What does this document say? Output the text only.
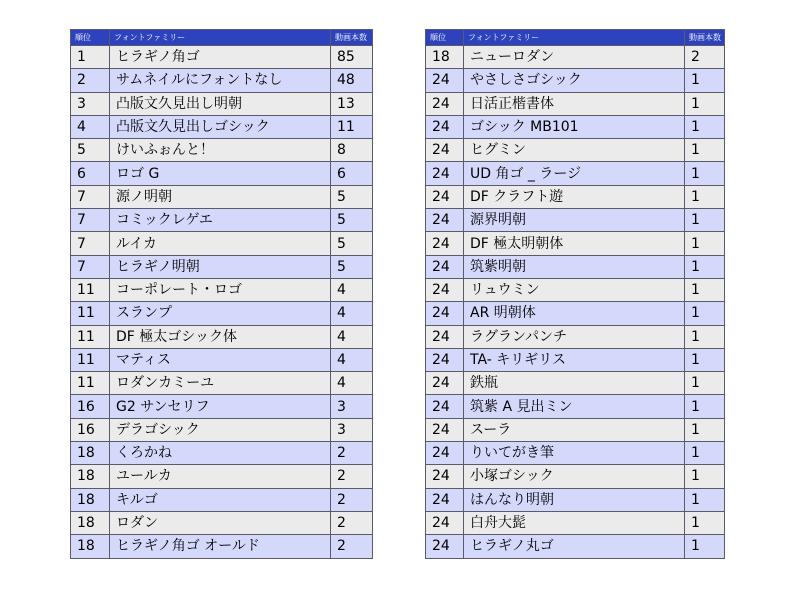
順位	フォントファミリー	動画本数
1	ヒラギノ角ゴ	85
2	サムネイルにフォントなし	48
3	凸版文久見出し明朝	13
4	凸版文久見出しゴシック	11
5	けいふぉんと！	8
6	ロゴ G	6
7	源ノ明朝	5
7	コミックレゲエ	5
7	ルイカ	5
7	ヒラギノ明朝	5
11	コーポレート・ロゴ	4
11	スランプ	4
11	DF 極太ゴシック体	4
11	マティス	4
11	ロダンカミーユ	4
16	G2 サンセリフ	3
16	デラゴシック	3
18	くろかね	2
18	ユールカ	2
18	キルゴ	2
18	ロダン	2
18	ヒラギノ角ゴ オールド	2
順位	フォントファミリー	動画本数
18	ニューロダン	2
24	やさしさゴシック	1
24	日活正楷書体	1
24	ゴシック MB101	1
24	ヒグミン	1
24	UD 角ゴ _ ラージ	1
24	DF クラフト遊	1
24	源界明朝	1
24	DF 極太明朝体	1
24	筑紫明朝	1
24	リュウミン	1
24	AR 明朝体	1
24	ラグランパンチ	1
24	TA- キリギリス	1
24	鉄瓶	1
24	筑紫 A 見出ミン	1
24	スーラ	1
24	りいてがき筆	1
24	小塚ゴシック	1
24	はんなり明朝	1
24	白舟大髭	1
24	ヒラギノ丸ゴ	1
